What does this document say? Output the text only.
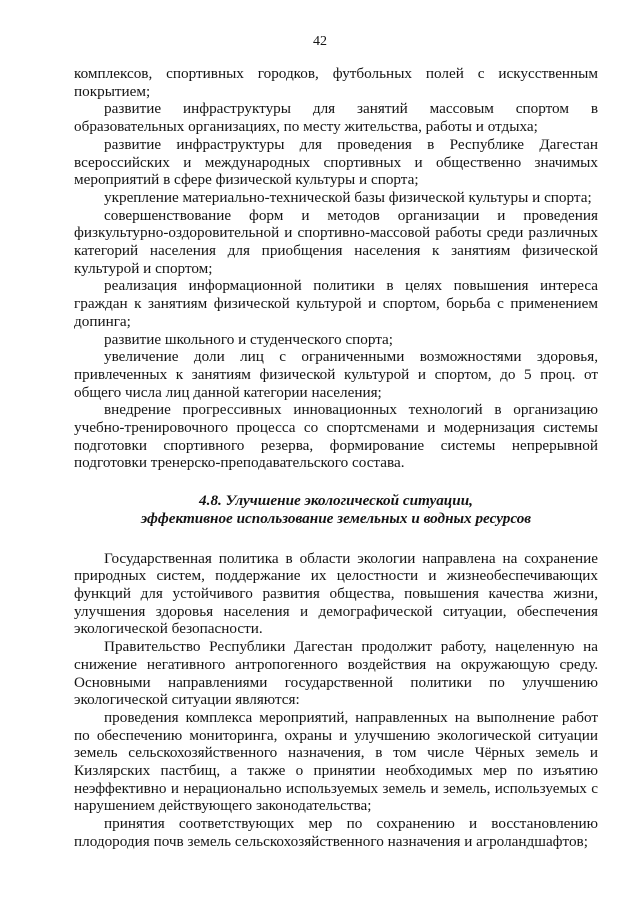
42

комплексов, спортивных городков, футбольных полей с искусственным покрытием;

развитие инфраструктуры для занятий массовым спортом в образовательных организациях, по месту жительства, работы и отдыха;

развитие инфраструктуры для проведения в Республике Дагестан всероссийских и международных спортивных и общественно значимых мероприятий в сфере физической культуры и спорта;

укрепление материально-технической базы физической культуры и спорта;

совершенствование форм и методов организации и проведения физкультурно-оздоровительной и спортивно-массовой работы среди различных категорий населения для приобщения населения к занятиям физической культурой и спортом;

реализация информационной политики в целях повышения интереса граждан к занятиям физической культурой и спортом, борьба с применением допинга;

развитие школьного и студенческого спорта;

увеличение доли лиц с ограниченными возможностями здоровья, привлеченных к занятиям физической культурой и спортом, до 5 проц. от общего числа лиц данной категории населения;

внедрение прогрессивных инновационных технологий в организацию учебно-тренировочного процесса со спортсменами и модернизация системы подготовки спортивного резерва, формирование системы непрерывной подготовки тренерско-преподавательского состава.

4.8. Улучшение экологической ситуации,
эффективное использование земельных и водных ресурсов

Государственная политика в области экологии направлена на сохранение природных систем, поддержание их целостности и жизнеобеспечивающих функций для устойчивого развития общества, повышения качества жизни, улучшения здоровья населения и демографической ситуации, обеспечения экологической безопасности.

Правительство Республики Дагестан продолжит работу, нацеленную на снижение негативного антропогенного воздействия на окружающую среду. Основными направлениями государственной политики по улучшению экологической ситуации являются:

проведения комплекса мероприятий, направленных на выполнение работ по обеспечению мониторинга, охраны и улучшению экологической ситуации земель сельскохозяйственного назначения, в том числе Чёрных земель и Кизлярских пастбищ, а также о принятии необходимых мер по изъятию неэффективно и нерационально используемых земель и земель, используемых с нарушением действующего законодательства;

принятия соответствующих мер по сохранению и восстановлению плодородия почв земель сельскохозяйственного назначения и агроландшафтов;
